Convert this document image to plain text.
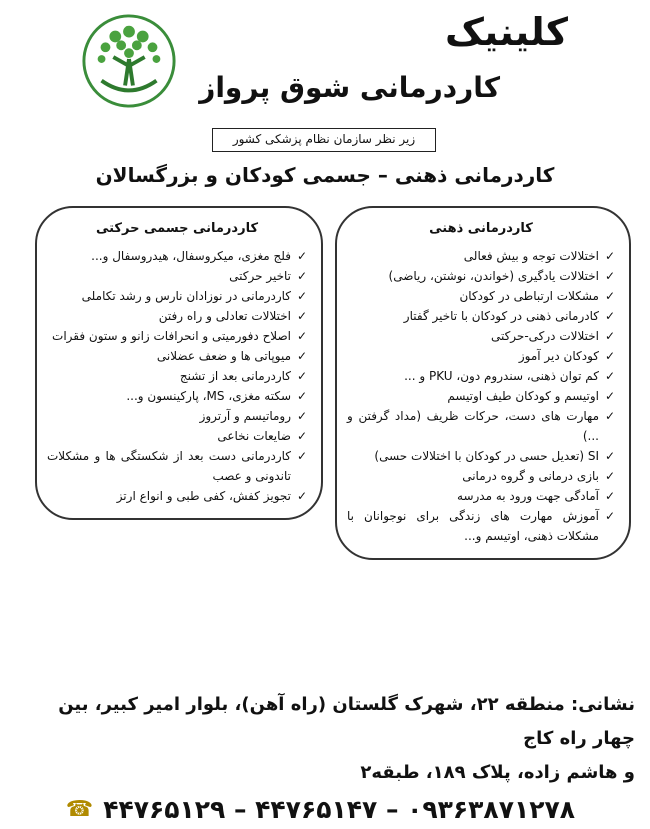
کلینیک
کاردرمانی شوق پرواز
زیر نظر سازمان نظام پزشکی کشور
کاردرمانی ذهنی – جسمی کودکان و بزرگسالان
کاردرمانی ذهنی
✓
اختلالات توجه و بیش فعالی
✓
اختلالات یادگیری (خواندن، نوشتن، ریاضی)
✓
مشکلات ارتباطی در کودکان
✓
کادرمانی ذهنی در کودکان با تاخیر گفتار
✓
اختلالات درکی-حرکتی
✓
کودکان دیر آموز
✓
کم توان ذهنی، سندروم دون، PKU و ...
✓
اوتیسم و کودکان طیف اوتیسم
✓
مهارت های دست، حرکات ظریف (مداد گرفتن و ...)
✓
SI (تعدیل حسی در کودکان با اختلالات حسی)
✓
بازی درمانی و گروه درمانی
✓
آمادگی جهت ورود به مدرسه
✓
آموزش مهارت های زندگی برای نوجوانان با مشکلات ذهنی، اوتیسم و...
کاردرمانی جسمی حرکتی
✓
فلج مغزی، میکروسفال، هیدروسفال و...
✓
تاخیر حرکتی
✓
کاردرمانی در نوزادان نارس و رشد تکاملی
✓
اختلالات تعادلی و راه رفتن
✓
اصلاح دفورمیتی و انحرافات زانو و ستون فقرات
✓
میوپاتی ها و ضعف عضلانی
✓
کاردرمانی بعد از تشنج
✓
سکته مغزی، MS، پارکینسون و...
✓
روماتیسم و آرتروز
✓
ضایعات نخاعی
✓
کاردرمانی دست بعد از شکستگی ها و مشکلات تاندونی و عصب
✓
تجویز کفش، کفی طبی و انواع ارتز
نشانی: منطقه ۲۲، شهرک گلستان (راه آهن)، بلوار امیر کبیر، بین چهار راه کاج
و هاشم زاده، پلاک ۱۸۹، طبقه۲
☎ ۴۴۷۶۵۱۲۹ – ۴۴۷۶۵۱۴۷ – ۰۹۳۶۳۸۷۱۲۷۸
